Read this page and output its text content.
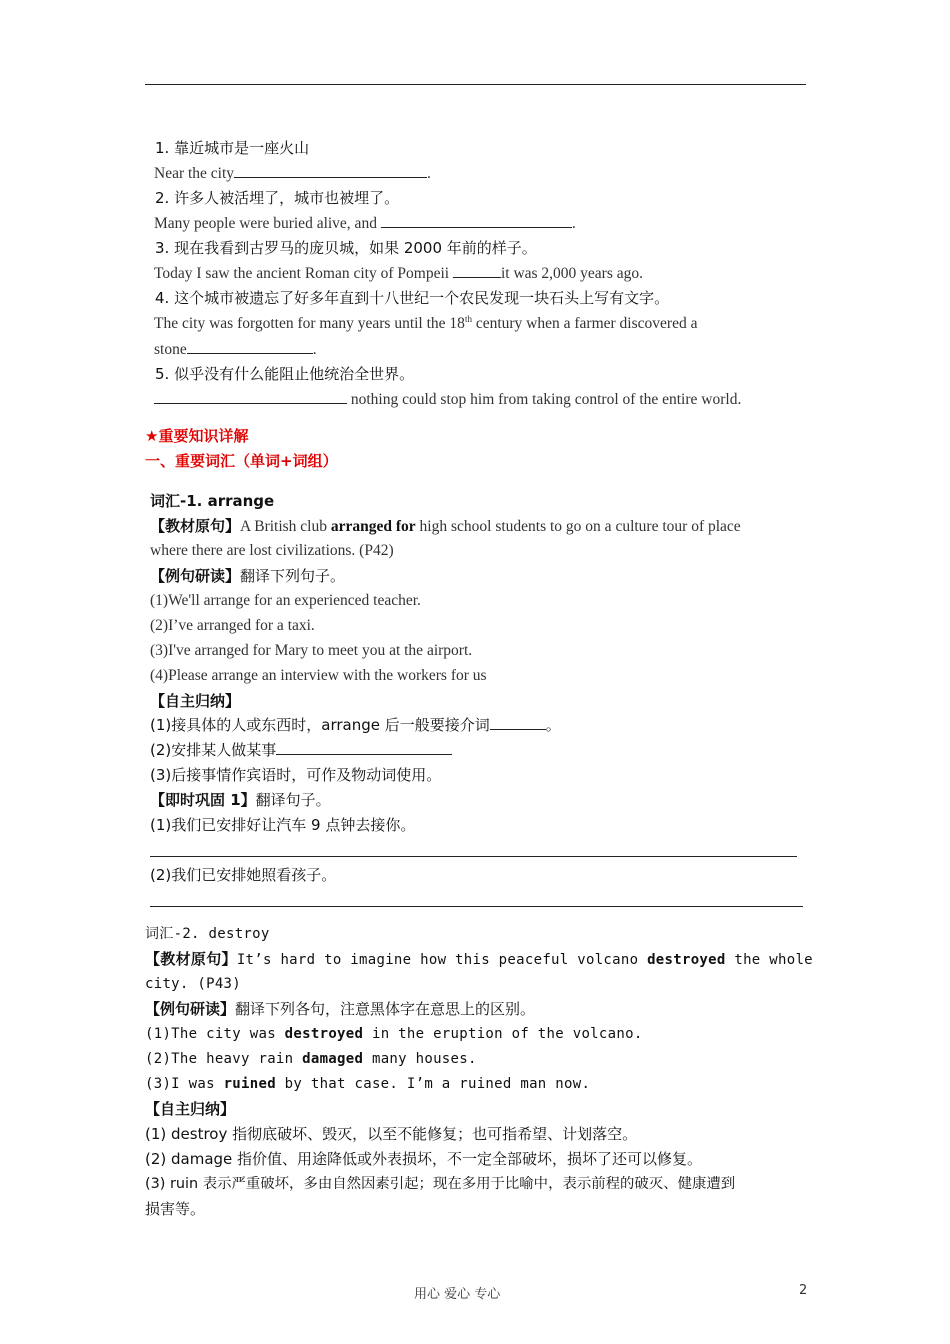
1. 靠近城市是一座火山
Near the city	.
2. 许多人被活埋了，城市也被埋了。
Many people were buried alive, and	.
3. 现在我看到古罗马的庞贝城，如果 2000 年前的样子。
Today I saw the ancient Roman city of Pompeii	it was 2,000 years ago.
4. 这个城市被遗忘了好多年直到十八世纪一个农民发现一块石头上写有文字。
The city was forgotten for many years until the 18th century when a farmer discovered a
stone	.
5. 似乎没有什么能阻止他统治全世界。
nothing could stop him from taking control of the entire world.
★重要知识详解
一、重要词汇（单词+词组）
词汇-1. arrange
【教材原句】A British club arranged for high school students to go on a culture tour of place
where there are lost civilizations. (P42)
【例句研读】翻译下列句子。
(1)We'll arrange for an experienced teacher.
(2)I’ve arranged for a taxi.
(3)I've arranged for Mary to meet you at the airport.
(4)Please arrange an interview with the workers for us
【自主归纳】
(1)接具体的人或东西时，arrange 后一般要接介词	。
(2)安排某人做某事
(3)后接事情作宾语时，可作及物动词使用。
【即时巩固 1】翻译句子。
(1)我们已安排好让汽车 9 点钟去接你。
(2)我们已安排她照看孩子。
词汇-2. destroy
【教材原句】It’s hard to imagine how this peaceful volcano destroyed the whole
city. (P43)
【例句研读】翻译下列各句，注意黑体字在意思上的区别。
(1)The city was destroyed in the eruption of the volcano.
(2)The heavy rain damaged many houses.
(3)I was ruined by that case. I’m a ruined man now.
【自主归纳】
(1) destroy 指彻底破坏、毁灭，以至不能修复；也可指希望、计划落空。
(2) damage 指价值、用途降低或外表损坏，不一定全部破坏，损坏了还可以修复。
(3) ruin 表示严重破坏，多由自然因素引起；现在多用于比喻中，表示前程的破灭、健康遭到
损害等。
用心 爱心 专心	2
